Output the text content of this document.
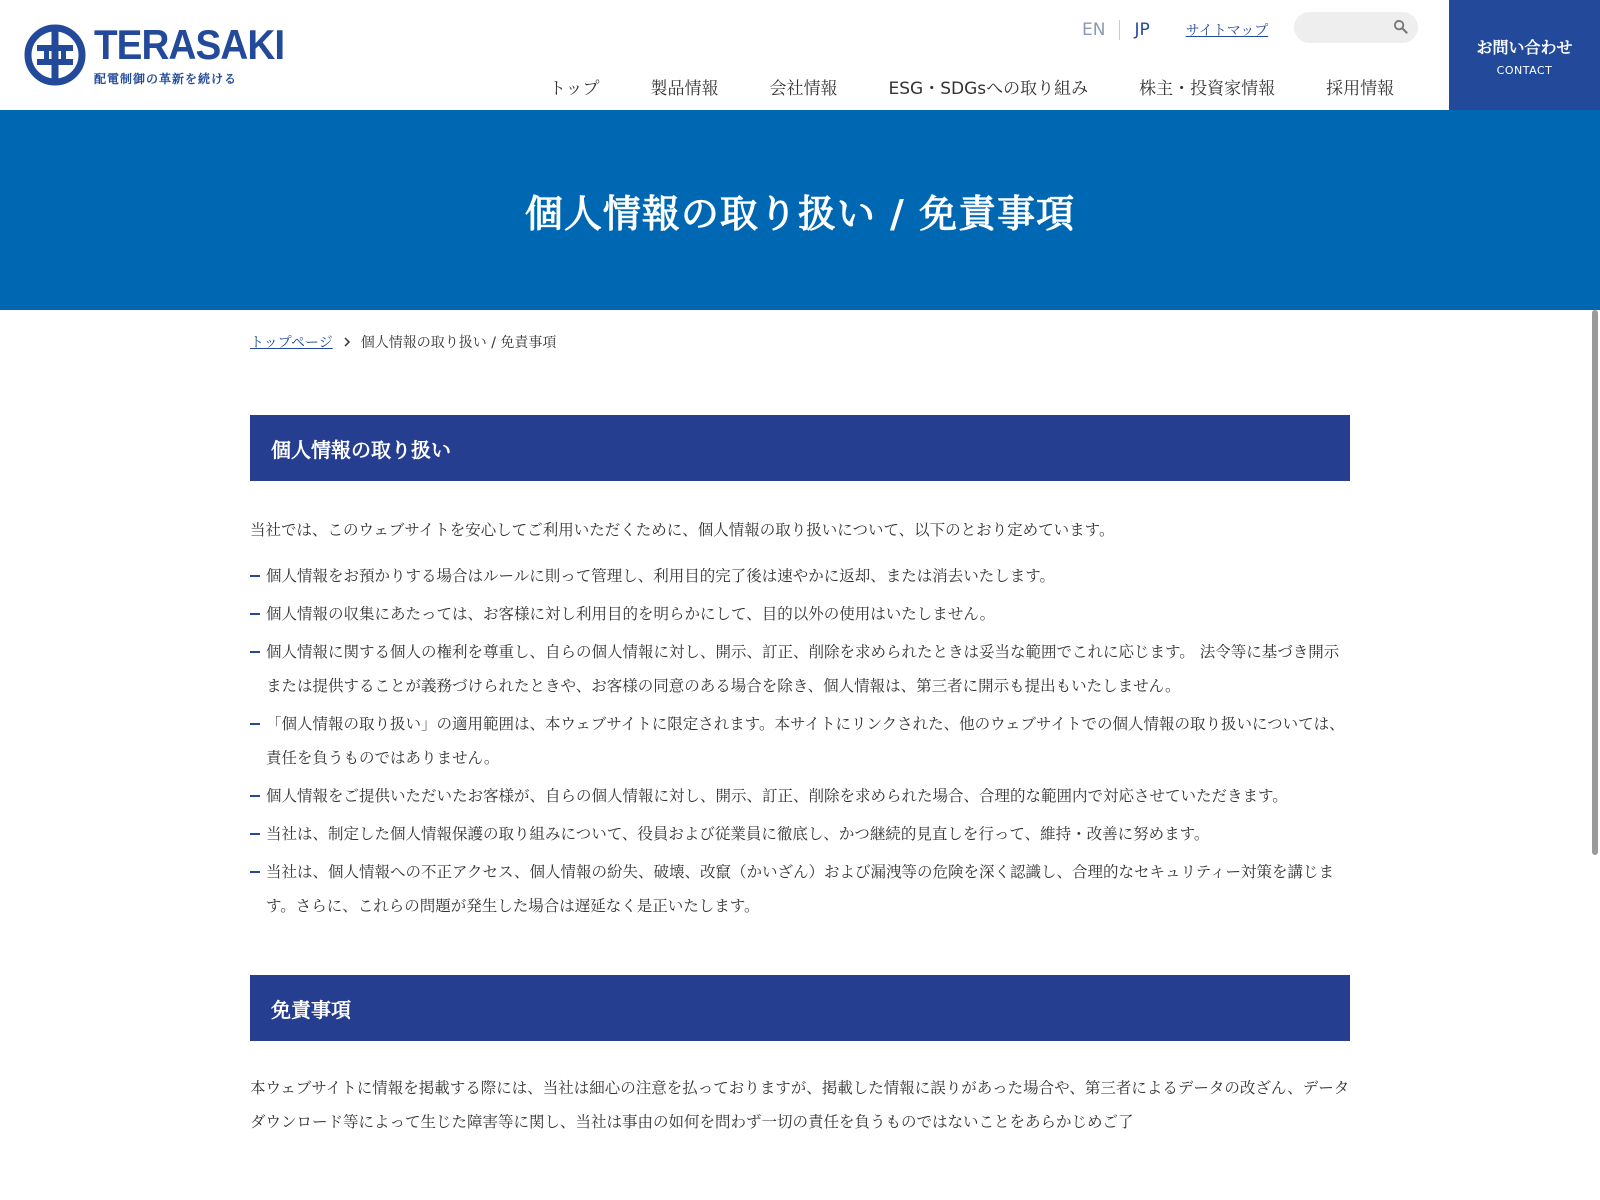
TERASAKI
配電制御の革新を続ける
EN	JP	サイトマップ
トップ	製品情報	会社情報	ESG・SDGsへの取り組み	株主・投資家情報	採用情報
お問い合わせ
CONTACT
個人情報の取り扱い / 免責事項
トップページ 個人情報の取り扱い / 免責事項
個人情報の取り扱い

当社では、このウェブサイトを安心してご利用いただくために、個人情報の取り扱いについて、以下のとおり定めています。

個人情報をお預かりする場合はルールに則って管理し、利用目的完了後は速やかに返却、または消去いたします。
個人情報の収集にあたっては、お客様に対し利用目的を明らかにして、目的以外の使用はいたしません。
個人情報に関する個人の権利を尊重し、自らの個人情報に対し、開示、訂正、削除を求められたときは妥当な範囲でこれに応じます。 法令等に基づき開示または提供することが義務づけられたときや、お客様の同意のある場合を除き、個人情報は、第三者に開示も提出もいたしません。
「個人情報の取り扱い」の適用範囲は、本ウェブサイトに限定されます。本サイトにリンクされた、他のウェブサイトでの個人情報の取り扱いについては、責任を負うものではありません。
個人情報をご提供いただいたお客様が、自らの個人情報に対し、開示、訂正、削除を求められた場合、合理的な範囲内で対応させていただきます。
当社は、制定した個人情報保護の取り組みについて、役員および従業員に徹底し、かつ継続的見直しを行って、維持・改善に努めます。
当社は、個人情報への不正アクセス、個人情報の紛失、破壊、改竄（かいざん）および漏洩等の危険を深く認識し、合理的なセキュリティー対策を講じます。さらに、これらの問題が発生した場合は遅延なく是正いたします。
免責事項

本ウェブサイトに情報を掲載する際には、当社は細心の注意を払っておりますが、掲載した情報に誤りがあった場合や、第三者によるデータの改ざん、データダウンロード等によって生じた障害等に関し、当社は事由の如何を問わず一切の責任を負うものではないことをあらかじめご了
